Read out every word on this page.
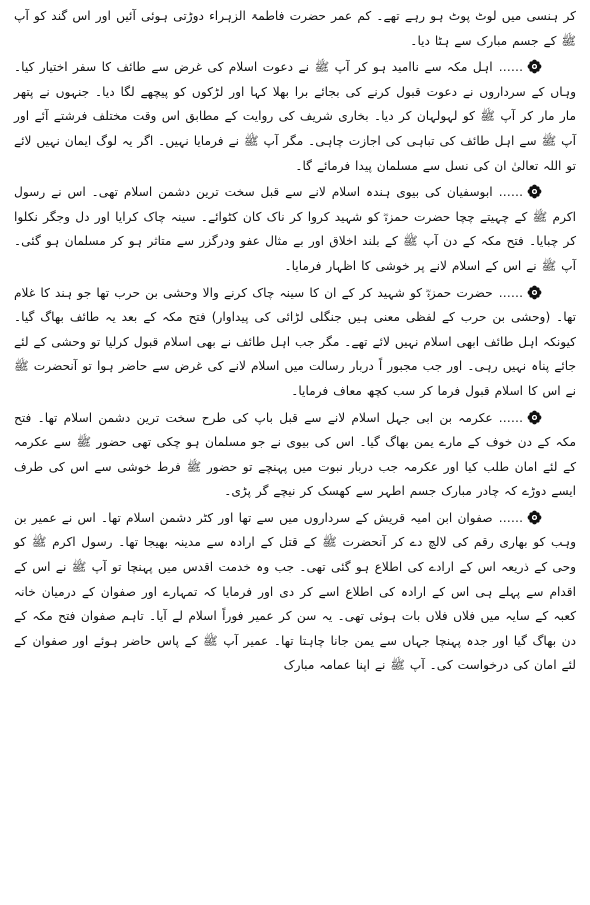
کر ہنسی میں لوٹ پوٹ ہو رہے تھے۔ کم عمر حضرت فاطمۃ الزہراء دوڑتی ہوئی آئیں اور اس گند کو آپ ﷺ کے جسم مبارک سے ہٹا دیا۔

……اہل مکہ سے ناامید ہو کر آپ ﷺ نے دعوت اسلام کی غرض سے طائف کا سفر اختیار کیا۔ وہاں کے سرداروں نے دعوت قبول کرنے کی بجائے برا بھلا کہا اور لڑکوں کو پیچھے لگا دیا۔ جنہوں نے پتھر مار مار کر آپ ﷺ کو لہولہان کر دیا۔ بخاری شریف کی روایت کے مطابق اس وقت مختلف فرشتے آئے اور آپ ﷺ سے اہل طائف کی تباہی کی اجازت چاہی۔ مگر آپ ﷺ نے فرمایا نہیں۔ اگر یہ لوگ ایمان نہیں لائے تو اللہ تعالیٰ ان کی نسل سے مسلمان پیدا فرمائے گا۔

……ابوسفیان کی بیوی ہندہ اسلام لانے سے قبل سخت ترین دشمن اسلام تھی۔ اس نے رسول اکرم ﷺ کے چہیتے چچا حضرت حمزہؓ کو شہید کروا کر ناک کان کٹوائے۔ سینہ چاک کرایا اور دل وجگر نکلوا کر چبایا۔ فتح مکہ کے دن آپ ﷺ کے بلند اخلاق اور بے مثال عفو ودرگزر سے متاثر ہو کر مسلمان ہو گئی۔ آپ ﷺ نے اس کے اسلام لانے پر خوشی کا اظہار فرمایا۔

……حضرت حمزہؓ کو شہید کر کے ان کا سینہ چاک کرنے والا وحشی بن حرب تھا جو ہند کا غلام تھا۔ (وحشی بن حرب کے لفظی معنی ہیں جنگلی لڑائی کی پیداوار) فتح مکہ کے بعد یہ طائف بھاگ گیا۔ کیونکہ اہل طائف ابھی اسلام نہیں لائے تھے۔ مگر جب اہل طائف نے بھی اسلام قبول کرلیا تو وحشی کے لئے جائے پناہ نہیں رہی۔ اور جب مجبور اً دربار رسالت میں اسلام لانے کی غرض سے حاضر ہوا تو آنحضرت ﷺ نے اس کا اسلام قبول فرما کر سب کچھ معاف فرمایا۔

……عکرمہ بن ابی جہل اسلام لانے سے قبل باپ کی طرح سخت ترین دشمن اسلام تھا۔ فتح مکہ کے دن خوف کے مارے یمن بھاگ گیا۔ اس کی بیوی نے جو مسلمان ہو چکی تھی حضور ﷺ سے عکرمہ کے لئے امان طلب کیا اور عکرمہ جب دربار نبوت میں پہنچے تو حضور ﷺ فرط خوشی سے اس کی طرف ایسے دوڑے کہ چادر مبارک جسم اطہر سے کھسک کر نیچے گر پڑی۔

……صفوان ابن امیہ قریش کے سرداروں میں سے تھا اور کٹر دشمن اسلام تھا۔ اس نے عمیر بن وہب کو بھاری رقم کی لالچ دے کر آنحضرت ﷺ کے قتل کے ارادہ سے مدینہ بھیجا تھا۔ رسول اکرم ﷺ کو وحی کے ذریعہ اس کے ارادے کی اطلاع ہو گئی تھی۔ جب وہ خدمت اقدس میں پہنچا تو آپ ﷺ نے اس کے اقدام سے پہلے ہی اس کے ارادہ کی اطلاع اسے کر دی اور فرمایا کہ تمہارے اور صفوان کے درمیان خانہ کعبہ کے سایہ میں فلاں فلاں بات ہوئی تھی۔ یہ سن کر عمیر فوراً اسلام لے آیا۔ تاہم صفوان فتح مکہ کے دن بھاگ گیا اور جدہ پہنچا جہاں سے یمن جانا چاہتا تھا۔ عمیر آپ ﷺ کے پاس حاضر ہوئے اور صفوان کے لئے امان کی درخواست کی۔ آپ ﷺ نے اپنا عمامہ مبارک
